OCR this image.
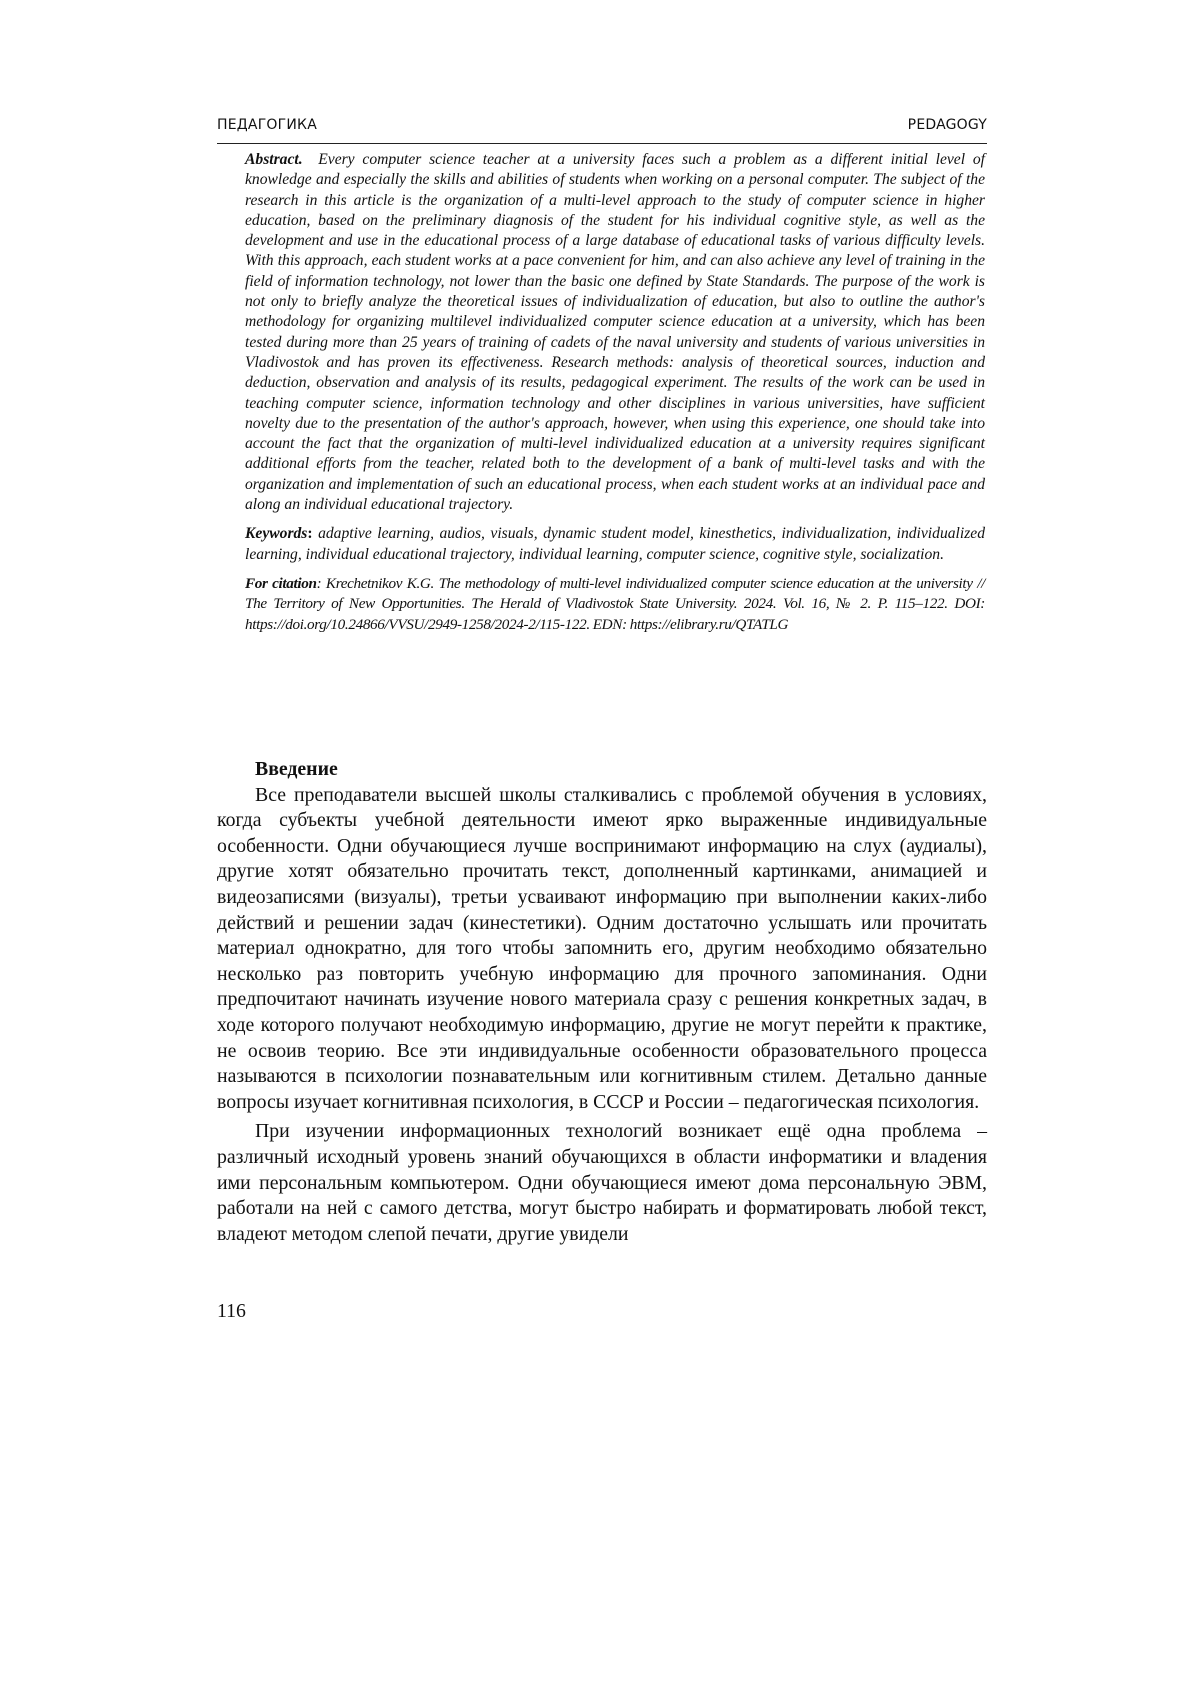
ПЕДАГОГИКА	PEDAGOGY

Abstract. Every computer science teacher at a university faces such a problem as a different initial level of knowledge and especially the skills and abilities of students when working on a personal computer. The subject of the research in this article is the organization of a multi-level approach to the study of computer science in higher education, based on the preliminary diagnosis of the student for his individual cognitive style, as well as the development and use in the educational process of a large database of educational tasks of various difficulty levels. With this approach, each student works at a pace convenient for him, and can also achieve any level of training in the field of information technology, not lower than the basic one defined by State Standards. The purpose of the work is not only to briefly analyze the theoretical issues of individualization of education, but also to outline the author's methodology for organizing multilevel individualized computer science education at a university, which has been tested during more than 25 years of training of cadets of the naval university and students of various universities in Vladivostok and has proven its effectiveness. Research methods: analysis of theoretical sources, induction and deduction, observation and analysis of its results, pedagogical experiment. The results of the work can be used in teaching computer science, information technology and other disciplines in various universities, have sufficient novelty due to the presentation of the author's approach, however, when using this experience, one should take into account the fact that the organization of multi-level individualized education at a university requires significant additional efforts from the teacher, related both to the development of a bank of multi-level tasks and with the organization and implementation of such an educational process, when each student works at an individual pace and along an individual educational trajectory.

Keywords: adaptive learning, audios, visuals, dynamic student model, kinesthetics, individualization, individualized learning, individual educational trajectory, individual learning, computer science, cognitive style, socialization.

For citation: Krechetnikov K.G. The methodology of multi-level individualized computer science education at the university // The Territory of New Opportunities. The Herald of Vladivostok State University. 2024. Vol. 16, № 2. P. 115–122. DOI: https://doi.org/10.24866/VVSU/2949-1258/2024-2/115-122. EDN: https://elibrary.ru/QTATLG

Введение

Все преподаватели высшей школы сталкивались с проблемой обучения в условиях, когда субъекты учебной деятельности имеют ярко выраженные индивидуальные особенности. Одни обучающиеся лучше воспринимают информацию на слух (аудиалы), другие хотят обязательно прочитать текст, дополненный картинками, анимацией и видеозаписями (визуалы), третьи усваивают информацию при выполнении каких-либо действий и решении задач (кинестетики). Одним достаточно услышать или прочитать материал однократно, для того чтобы запомнить его, другим необходимо обязательно несколько раз повторить учебную информацию для прочного запоминания. Одни предпочитают начинать изучение нового материала сразу с решения конкретных задач, в ходе которого получают необходимую информацию, другие не могут перейти к практике, не освоив теорию. Все эти индивидуальные особенности образовательного процесса называются в психологии познавательным или когнитивным стилем. Детально данные вопросы изучает когнитивная психология, в СССР и России – педагогическая психология.

При изучении информационных технологий возникает ещё одна проблема – различный исходный уровень знаний обучающихся в области информатики и владения ими персональным компьютером. Одни обучающиеся имеют дома персональную ЭВМ, работали на ней с самого детства, могут быстро набирать и форматировать любой текст, владеют методом слепой печати, другие увидели

116
